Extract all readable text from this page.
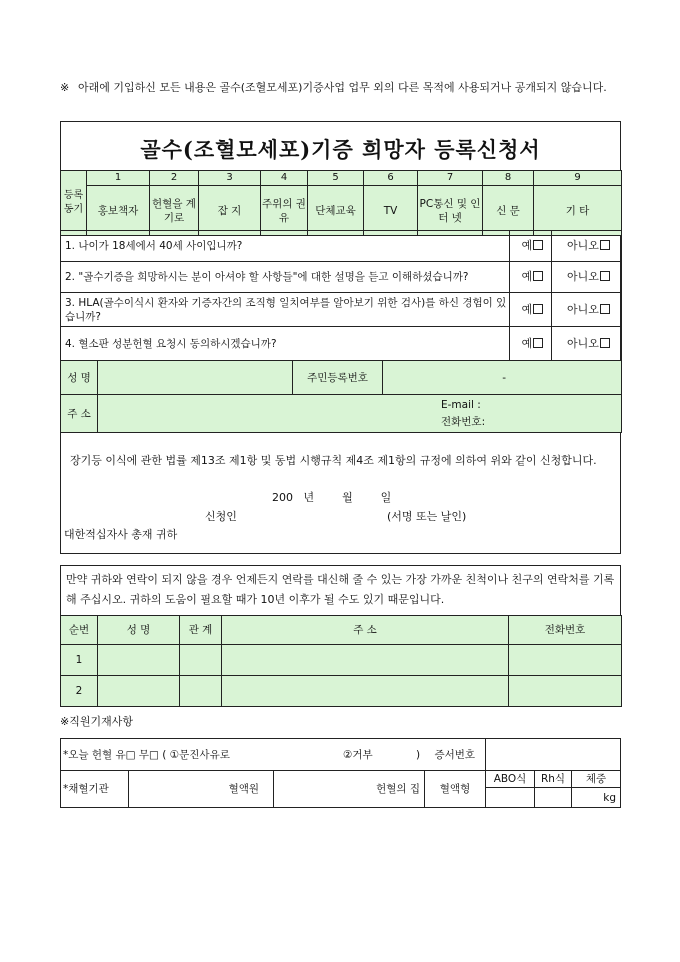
※ 아래에 기입하신 모든 내용은 골수(조혈모세포)기증사업 업무 외의 다른 목적에 사용되거나 공개되지 않습니다.
골수(조혈모세포)기증 희망자 등록신청서
등록 동기	1	2	3	4	5	6	7	8	9
	홍보책자	헌혈을 계기로	잡 지	주위의 권 유	단체교육	TV	PC통신 및 인 터 넷	신 문	기 타
1. 나이가 18세에서 40세 사이입니까?	예	아니오
2. "골수기증을 희망하시는 분이 아셔야 할 사항들"에 대한 설명을 듣고 이해하셨습니까?	예	아니오
3. HLA(골수이식시 환자와 기증자간의 조직형 일치여부를 알아보기 위한 검사)를 하신 경험이 있습니까?	예	아니오
4. 혈소판 성분헌혈 요청시 동의하시겠습니까?	예	아니오
성 명		주민등록번호	-
주 소	E-mail :
전화번호:		
장기등 이식에 관한 법률 제13조 제1항 및 동법 시행규칙 제4조 제1항의 규정에 의하여 위와 같이 신청합니다.
200   년        월        일
신청인	(서명 또는 날인)
대한적십자사 총재 귀하
만약 귀하와 연락이 되지 않을 경우 언제든지 연락를 대신해 줄 수 있는 가장 가까운 친척이나 친구의 연락처를 기록해 주십시오. 귀하의 도움이 필요할 때가 10년 이후가 될 수도 있기 때문입니다.
순번	성 명	관 계	주 소	전화번호
1				
2				
※직원기재사항
*오늘 헌혈 유□ 무□ ( ①문진사유로 ②거부 )			증서번호			
*채혈기관	혈액원	헌혈의 집	혈액형	ABO식	Rh식	체중
						kg
